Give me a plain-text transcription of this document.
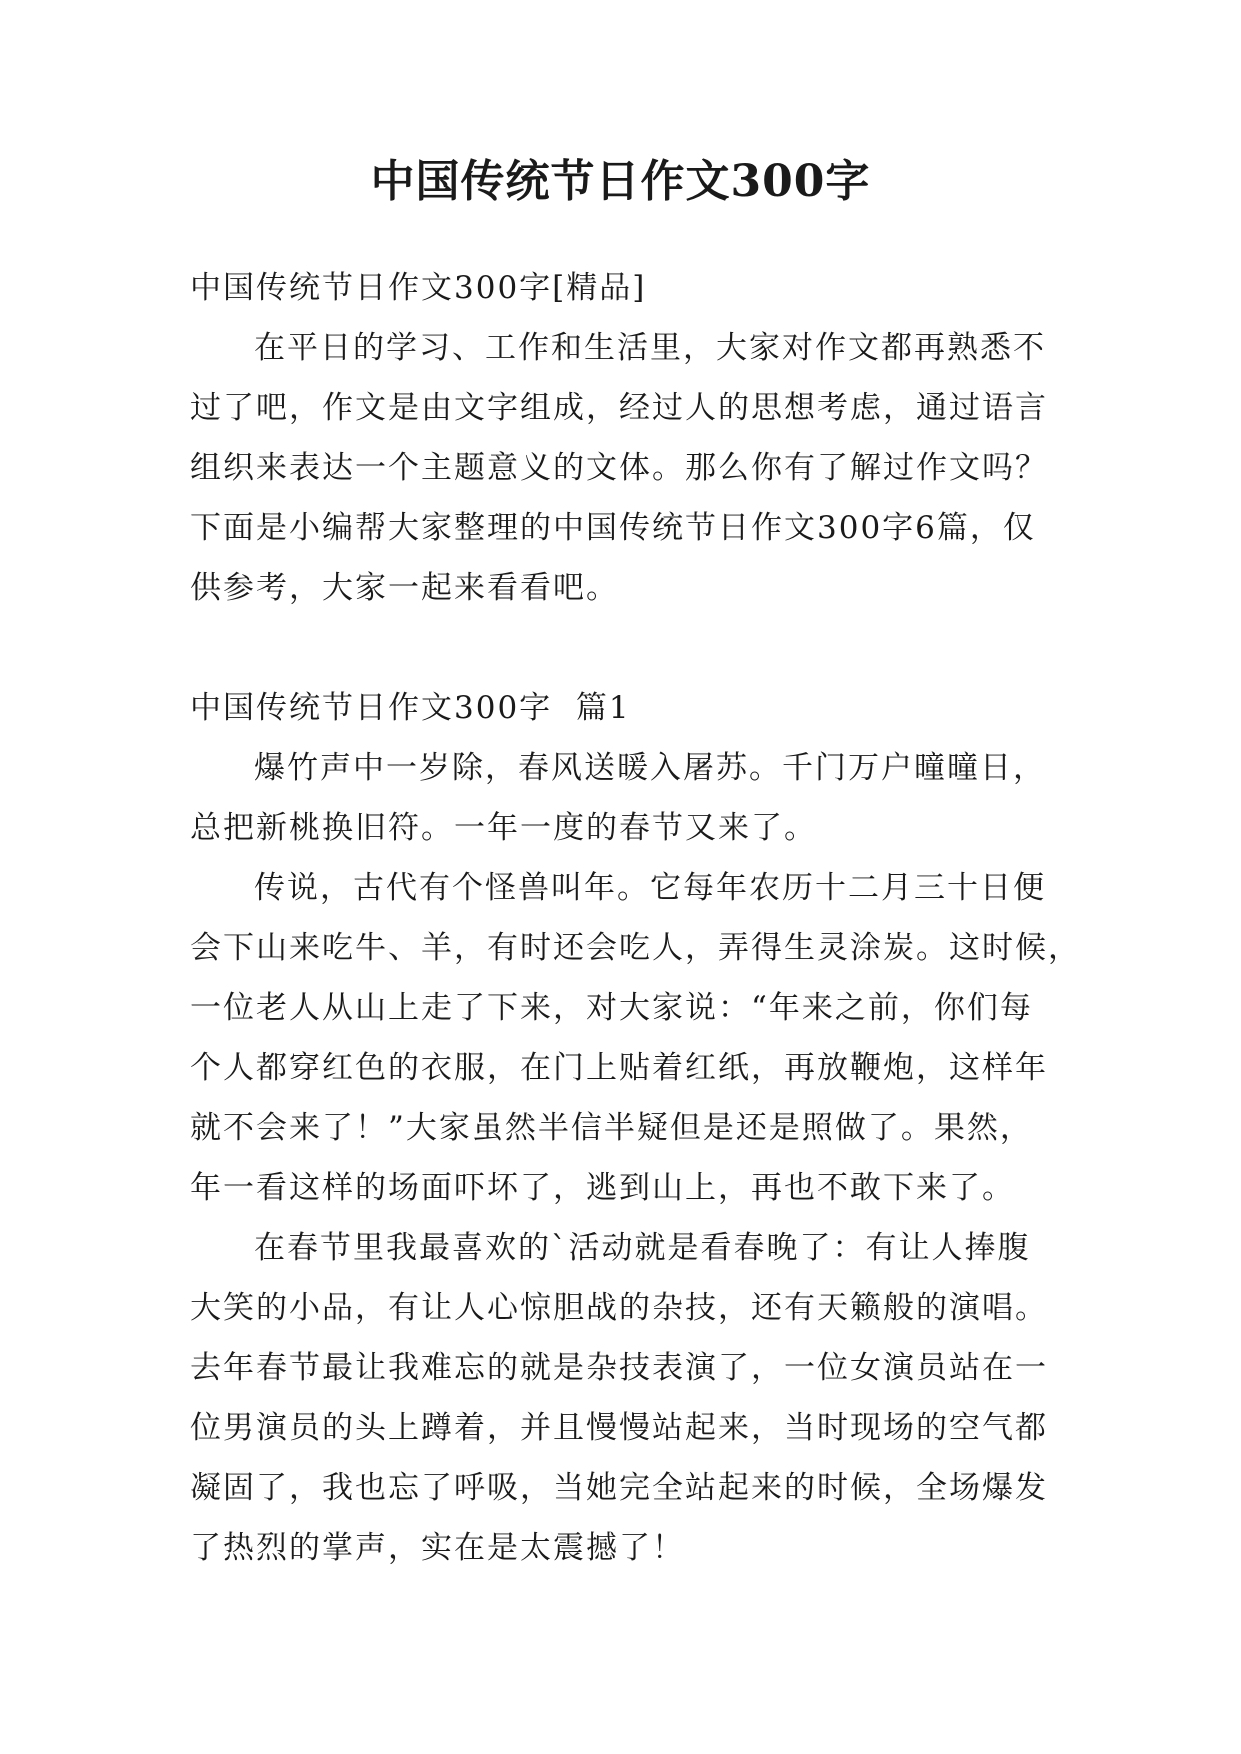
中国传统节日作文300字

中国传统节日作文300字[精品]

在平日的学习、工作和生活里，大家对作文都再熟悉不

过了吧，作文是由文字组成，经过人的思想考虑，通过语言

组织来表达一个主题意义的文体。那么你有了解过作文吗？

下面是小编帮大家整理的中国传统节日作文300字6篇，仅

供参考，大家一起来看看吧。

中国传统节日作文300字  篇1

爆竹声中一岁除，春风送暖入屠苏。千门万户曈曈日，

总把新桃换旧符。一年一度的春节又来了。

传说，古代有个怪兽叫年。它每年农历十二月三十日便

会下山来吃牛、羊，有时还会吃人，弄得生灵涂炭。这时候，

一位老人从山上走了下来，对大家说：“年来之前，你们每

个人都穿红色的衣服，在门上贴着红纸，再放鞭炮，这样年

就不会来了！”大家虽然半信半疑但是还是照做了。果然，

年一看这样的场面吓坏了，逃到山上，再也不敢下来了。

在春节里我最喜欢的`活动就是看春晚了：有让人捧腹

大笑的小品，有让人心惊胆战的杂技，还有天籁般的演唱。

去年春节最让我难忘的就是杂技表演了，一位女演员站在一

位男演员的头上蹲着，并且慢慢站起来，当时现场的空气都

凝固了，我也忘了呼吸，当她完全站起来的时候，全场爆发

了热烈的掌声，实在是太震撼了！
